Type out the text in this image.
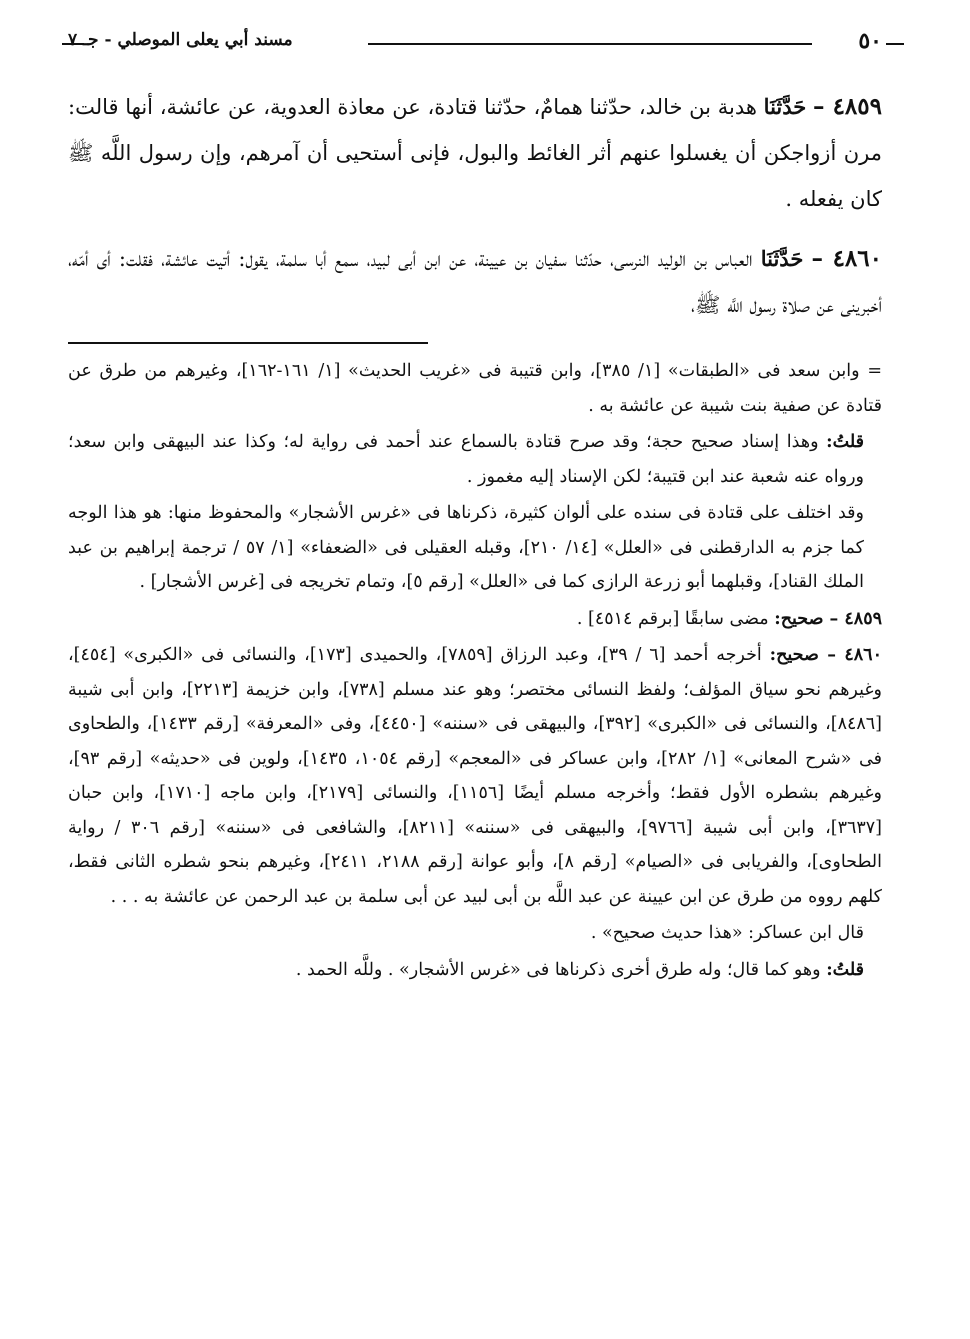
٥٠
مسند أبي يعلى الموصلي - جـ ٧

٤٨٥٩ – حَدَّثَنَا هدبة بن خالد، حدّثنا همامٌ، حدّثنا قتادة، عن معاذة العدوية، عن عائشة، أنها قالت: مرن أزواجكن أن يغسلوا عنهم أثر الغائط والبول، فإنى أستحيى أن آمرهم، وإن رسول اللَّه ﷺ كان يفعله .

٤٨٦٠ – حَدَّثَنَا العباس بن الوليد النرسى، حدّثنا سفيان بن عيينة، عن ابن أبى لبيد، سمع أبا سلمة، يقول: أتيت عائشة، فقلت: أى أمّه، أخبرينى عن صلاة رسول اللَّه ﷺ،

= وابن سعد فى «الطبقات» [١/ ٣٨٥]، وابن قتيبة فى «غريب الحديث» [١/ ١٦١-١٦٢]، وغيرهم من طرق عن قتادة عن صفية بنت شيبة عن عائشة به .

قلتُ: وهذا إسناد صحيح حجة؛ وقد صرح قتادة بالسماع عند أحمد فى رواية له؛ وكذا عند البيهقى وابن سعد؛ ورواه عنه شعبة عند ابن قتيبة؛ لكن الإسناد إليه مغموز .

وقد اختلف على قتادة فى سنده على ألوان كثيرة، ذكرناها فى «غرس الأشجار» والمحفوظ منها: هو هذا الوجه كما جزم به الدارقطنى فى «العلل» [١٤/ ٢١٠]، وقبله العقيلى فى «الضعفاء» [١/ ٥٧ / ترجمة إبراهيم بن عبد الملك القناد]، وقبلهما أبو زرعة الرازى كما فى «العلل» [رقم ٥]، وتمام تخريجه فى [غرس الأشجار] .

٤٨٥٩ – صحيح: مضى سابقًا [برقم ٤٥١٤] .

٤٨٦٠ – صحيح: أخرجه أحمد [٦ / ٣٩]، وعبد الرزاق [٧٨٥٩]، والحميدى [١٧٣]، والنسائى فى «الكبرى» [٤٥٤]، وغيرهم نحو سياق المؤلف؛ ولفظ النسائى مختصر؛ وهو عند مسلم [٧٣٨]، وابن خزيمة [٢٢١٣]، وابن أبى شيبة [٨٤٨٦]، والنسائى فى «الكبرى» [٣٩٢]، والبيهقى فى «سننه» [٤٤٥٠]، وفى «المعرفة» [رقم ١٤٣٣]، والطحاوى فى «شرح المعانى» [١/ ٢٨٢]، وابن عساكر فى «المعجم» [رقم ١٠٥٤، ١٤٣٥]، ولوين فى «حديثه» [رقم ٩٣]، وغيرهم بشطره الأول فقط؛ وأخرجه مسلم أيضًا [١١٥٦]، والنسائى [٢١٧٩]، وابن ماجه [١٧١٠]، وابن حبان [٣٦٣٧]، وابن أبى شيبة [٩٧٦٦]، والبيهقى فى «سننه» [٨٢١١]، والشافعى فى «سننه» [رقم ٣٠٦ / رواية الطحاوى]، والفريابى فى «الصيام» [رقم ٨]، وأبو عوانة [رقم ٢١٨٨، ٢٤١١]، وغيرهم بنحو شطره الثانى فقط، كلهم رووه من طرق عن ابن عيينة عن عبد اللَّه بن أبى لبيد عن أبى سلمة بن عبد الرحمن عن عائشة به . . .

قال ابن عساكر: «هذا حديث صحيح» .

قلتُ: وهو كما قال؛ وله طرق أخرى ذكرناها فى «غرس الأشجار» . وللَّه الحمد .
